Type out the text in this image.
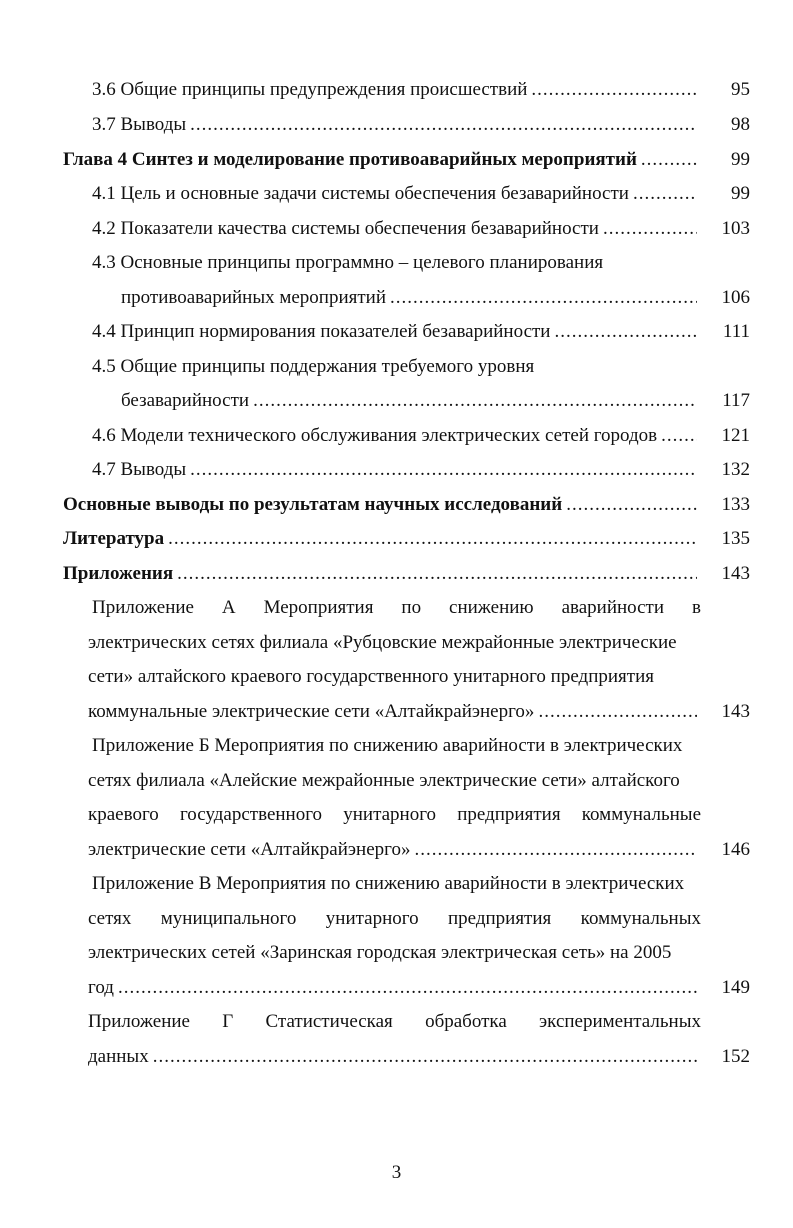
3.6 Общие принципы предупреждения происшествий .....	95
3.7 Выводы .....	98
Глава 4 Синтез и моделирование противоаварийных мероприятий .....	99
4.1 Цель и основные задачи системы обеспечения безаварийности .....	99
4.2 Показатели качества системы обеспечения безаварийности .....	103
4.3 Основные принципы программно – целевого планирования
противоаварийных мероприятий .....	106
4.4 Принцип нормирования показателей безаварийности .....	111
4.5 Общие принципы поддержания требуемого уровня
безаварийности .....	117
4.6 Модели технического обслуживания электрических сетей городов .....	121
4.7 Выводы .....	132
Основные выводы по результатам научных исследований .....	133
Литература .....	135
Приложения .....	143
Приложение А Мероприятия по снижению аварийности в
электрических сетях филиала «Рубцовские межрайонные электрические
сети» алтайского краевого государственного унитарного предприятия
коммунальные электрические сети «Алтайкрайэнерго» .....	143
Приложение Б Мероприятия по снижению аварийности в электрических
сетях филиала «Алейские межрайонные электрические сети» алтайского
краевого государственного унитарного предприятия коммунальные
электрические сети «Алтайкрайэнерго» .....	146
Приложение В Мероприятия по снижению аварийности в электрических
сетях муниципального унитарного предприятия коммунальных
электрических сетей «Заринская городская электрическая сеть» на 2005
год .....	149
Приложение Г Статистическая обработка экспериментальных
данных .....	152
3
